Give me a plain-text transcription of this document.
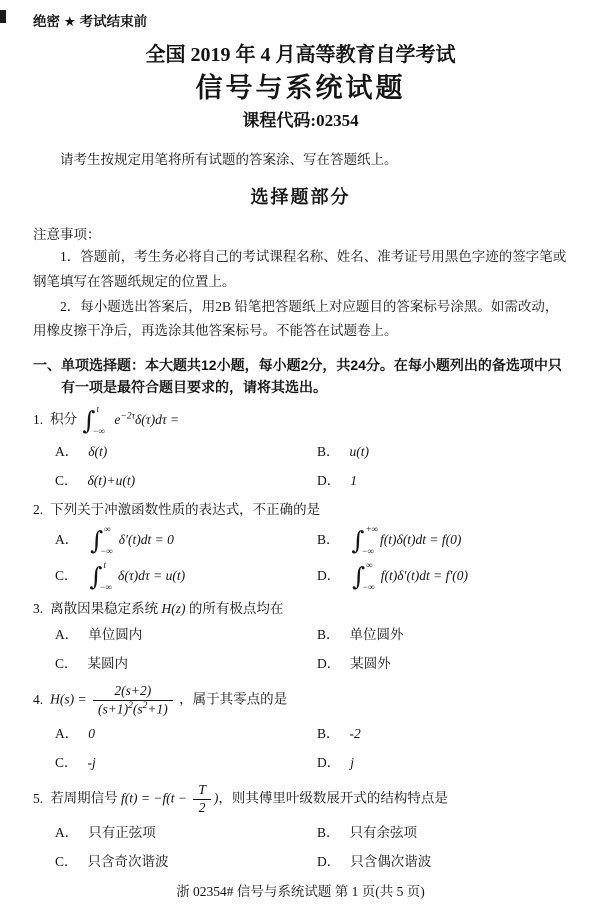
绝密 ★ 考试结束前
全国 2019 年 4 月高等教育自学考试
信号与系统试题
课程代码:02354

请考生按规定用笔将所有试题的答案涂、写在答题纸上。

选择题部分
注意事项：

1．答题前，考生务必将自己的考试课程名称、姓名、准考证号用黑色字迹的签字笔或钢笔填写在答题纸规定的位置上。

2．每小题选出答案后，用2B 铅笔把答题纸上对应题目的答案标号涂黑。如需改动，用橡皮擦干净后，再选涂其他答案标号。不能答在试题卷上。

一、单项选择题：本大题共12小题，每小题2分，共24分。在每小题列出的备选项中只有一项是最符合题目要求的，请将其选出。
1. 积分 ∫ t
−∞
$e^{-2\tau}\delta(\tau)d\tau$ =
A． δ(t)	B． u(t)
C． δ(t)+u(t)	D． 1
2. 下列关于冲激函数性质的表达式，不正确的是
A． ∫ ∞
−∞
δ′(t)dt = 0	B． ∫ +∞
−∞
f(t)δ(t)dt = f(0)
C． ∫ t
−∞
δ(τ)dτ = u(t)	D． ∫ ∞
−∞
f(t)δ′(t)dt = f′(0)
3. 离散因果稳定系统 H(z) 的所有极点均在
A． 单位圆内	B． 单位圆外
C． 某圆内	D． 某圆外
4. $H(s) = \frac{2(s+2)}{(s+1)^2(s^2+1)}$ ，属于其零点的是
A． 0	B． -2
C． -j	D． j
5. 若周期信号 $f(t) = -f(t - \frac{T}{2}$ )，则其傅里叶级数展开式的结构特点是
A． 只有正弦项	B． 只有余弦项
C． 只含奇次谐波	D． 只含偶次谐波
浙 02354# 信号与系统试题 第 1 页(共 5 页)
